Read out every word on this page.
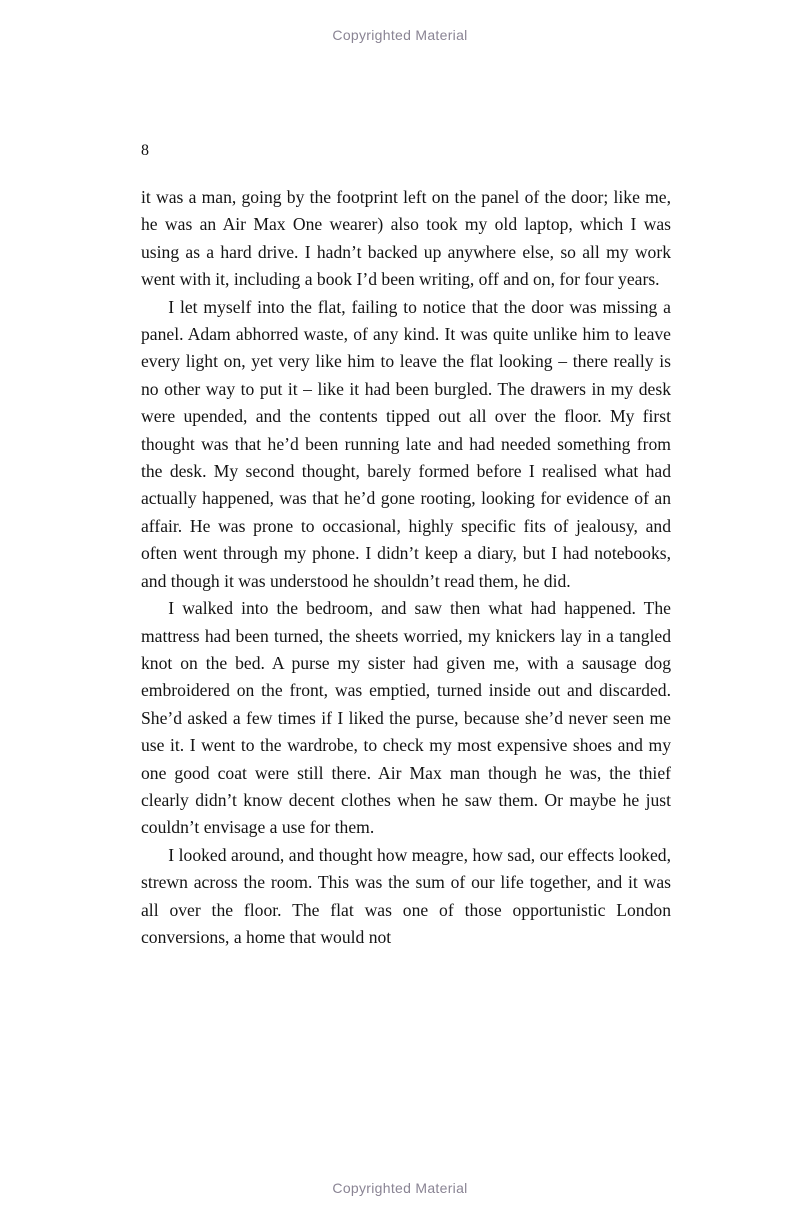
Copyrighted Material
8

it was a man, going by the footprint left on the panel of the door; like me, he was an Air Max One wearer) also took my old laptop, which I was using as a hard drive. I hadn’t backed up anywhere else, so all my work went with it, including a book I’d been writing, off and on, for four years.

I let myself into the flat, failing to notice that the door was missing a panel. Adam abhorred waste, of any kind. It was quite unlike him to leave every light on, yet very like him to leave the flat looking – there really is no other way to put it – like it had been burgled. The drawers in my desk were upended, and the contents tipped out all over the floor. My first thought was that he’d been running late and had needed something from the desk. My second thought, barely formed before I realised what had actually happened, was that he’d gone rooting, looking for evidence of an affair. He was prone to occasional, highly specific fits of jealousy, and often went through my phone. I didn’t keep a diary, but I had notebooks, and though it was understood he shouldn’t read them, he did.

I walked into the bedroom, and saw then what had happened. The mattress had been turned, the sheets worried, my knickers lay in a tangled knot on the bed. A purse my sister had given me, with a sausage dog embroidered on the front, was emptied, turned inside out and discarded. She’d asked a few times if I liked the purse, because she’d never seen me use it. I went to the wardrobe, to check my most expensive shoes and my one good coat were still there. Air Max man though he was, the thief clearly didn’t know decent clothes when he saw them. Or maybe he just couldn’t envisage a use for them.

I looked around, and thought how meagre, how sad, our effects looked, strewn across the room. This was the sum of our life together, and it was all over the floor. The flat was one of those opportunistic London conversions, a home that would not

Copyrighted Material
